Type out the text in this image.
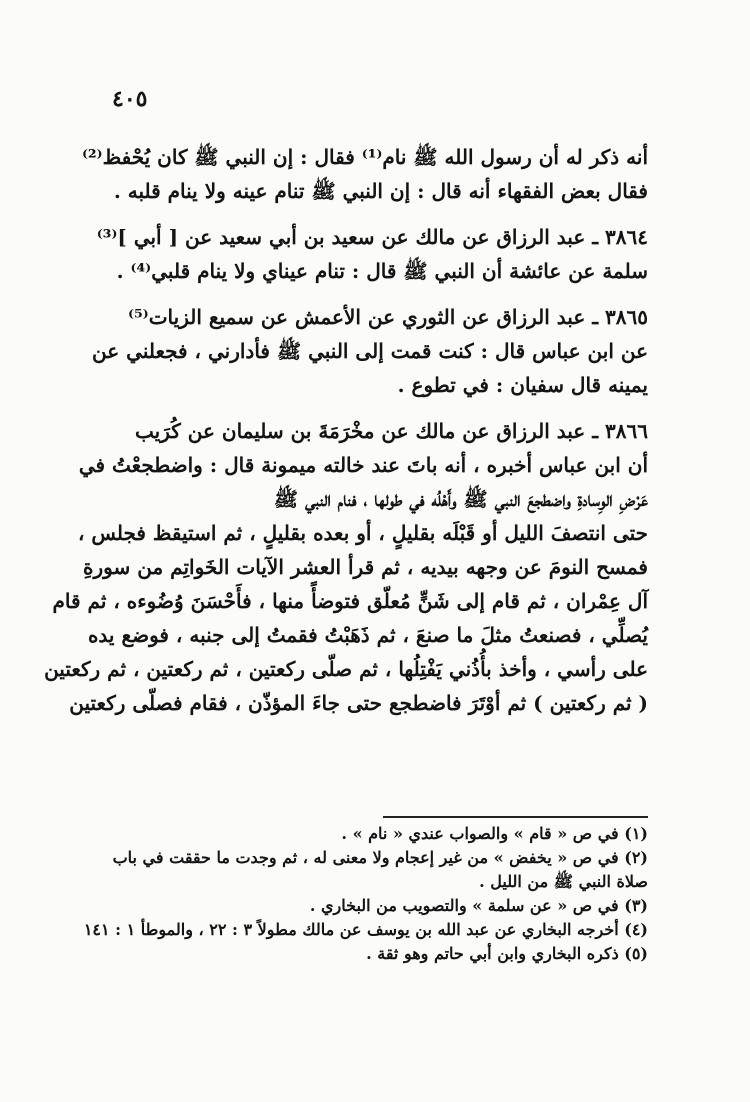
٤٠٥
أنه ذكر له أن رسول الله ﷺ نام⁽¹⁾ فقال : إن النبي ﷺ كان يُحْفظ⁽²⁾
فقال بعض الفقهاء أنه قال : إن النبي ﷺ تنام عينه ولا ينام قلبه .
٣٨٦٤ ـ عبد الرزاق عن مالك عن سعيد بن أبي سعيد عن [ أبي ]⁽³⁾
سلمة عن عائشة أن النبي ﷺ قال : تنام عيناي ولا ينام قلبي⁽⁴⁾ .
٣٨٦٥ ـ عبد الرزاق عن الثوري عن الأعمش عن سميع الزيات⁽⁵⁾
عن ابن عباس قال : كنت قمت إلى النبي ﷺ فأدارني ، فجعلني عن
يمينه قال سفيان : في تطوع .
٣٨٦٦ ـ عبد الرزاق عن مالك عن مخْرَمَةَ بن سليمان عن كُرَيب
أن ابن عباس أخبره ، أنه باتَ عند خالته ميمونة قال : واضطجعْتُ في
عَرْضِ الوِسادةِ واضطجعَ النبي ﷺ وأَهْلُه في طولها ، فنام النبي ﷺ
حتى انتصفَ الليل أو قَبْلَه بقليلٍ ، أو بعده بقليلٍ ، ثم استيقظ فجلس ،
فمسح النومَ عن وجهه بيديه ، ثم قرأ العشر الآيات الخَواتِم من سورةِ
آل عِمْران ، ثم قام إلى شَنٍّ مُعلّق فتوضأً منها ، فأَحْسَنَ وُضُوءه ، ثم قام
يُصلِّي ، فصنعتُ مثلَ ما صنعَ ، ثم ذَهَبْتُ فقمتُ إلى جنبه ، فوضع يده
على رأسي ، وأخذ بأُذُني يَفْتِلُها ، ثم صلّى ركعتين ، ثم ركعتين ، ثم ركعتين
( ثم ركعتين ) ثم أوْتَرَ فاضطجع حتى جاءَ المؤذّن ، فقام فصلّى ركعتين
(١) في ص « قام » والصواب عندي « نام » .
(٢) في ص « يخفض » من غير إعجام ولا معنى له ، ثم وجدت ما حققت في باب
صلاة النبي ﷺ من الليل .
(٣) في ص « عن سلمة » والتصويب من البخاري .
(٤) أخرجه البخاري عن عبد الله بن يوسف عن مالك مطولاً ٣ : ٢٢ ، والموطأ ١ : ١٤١
(٥) ذكره البخاري وابن أبي حاتم وهو ثقة .
